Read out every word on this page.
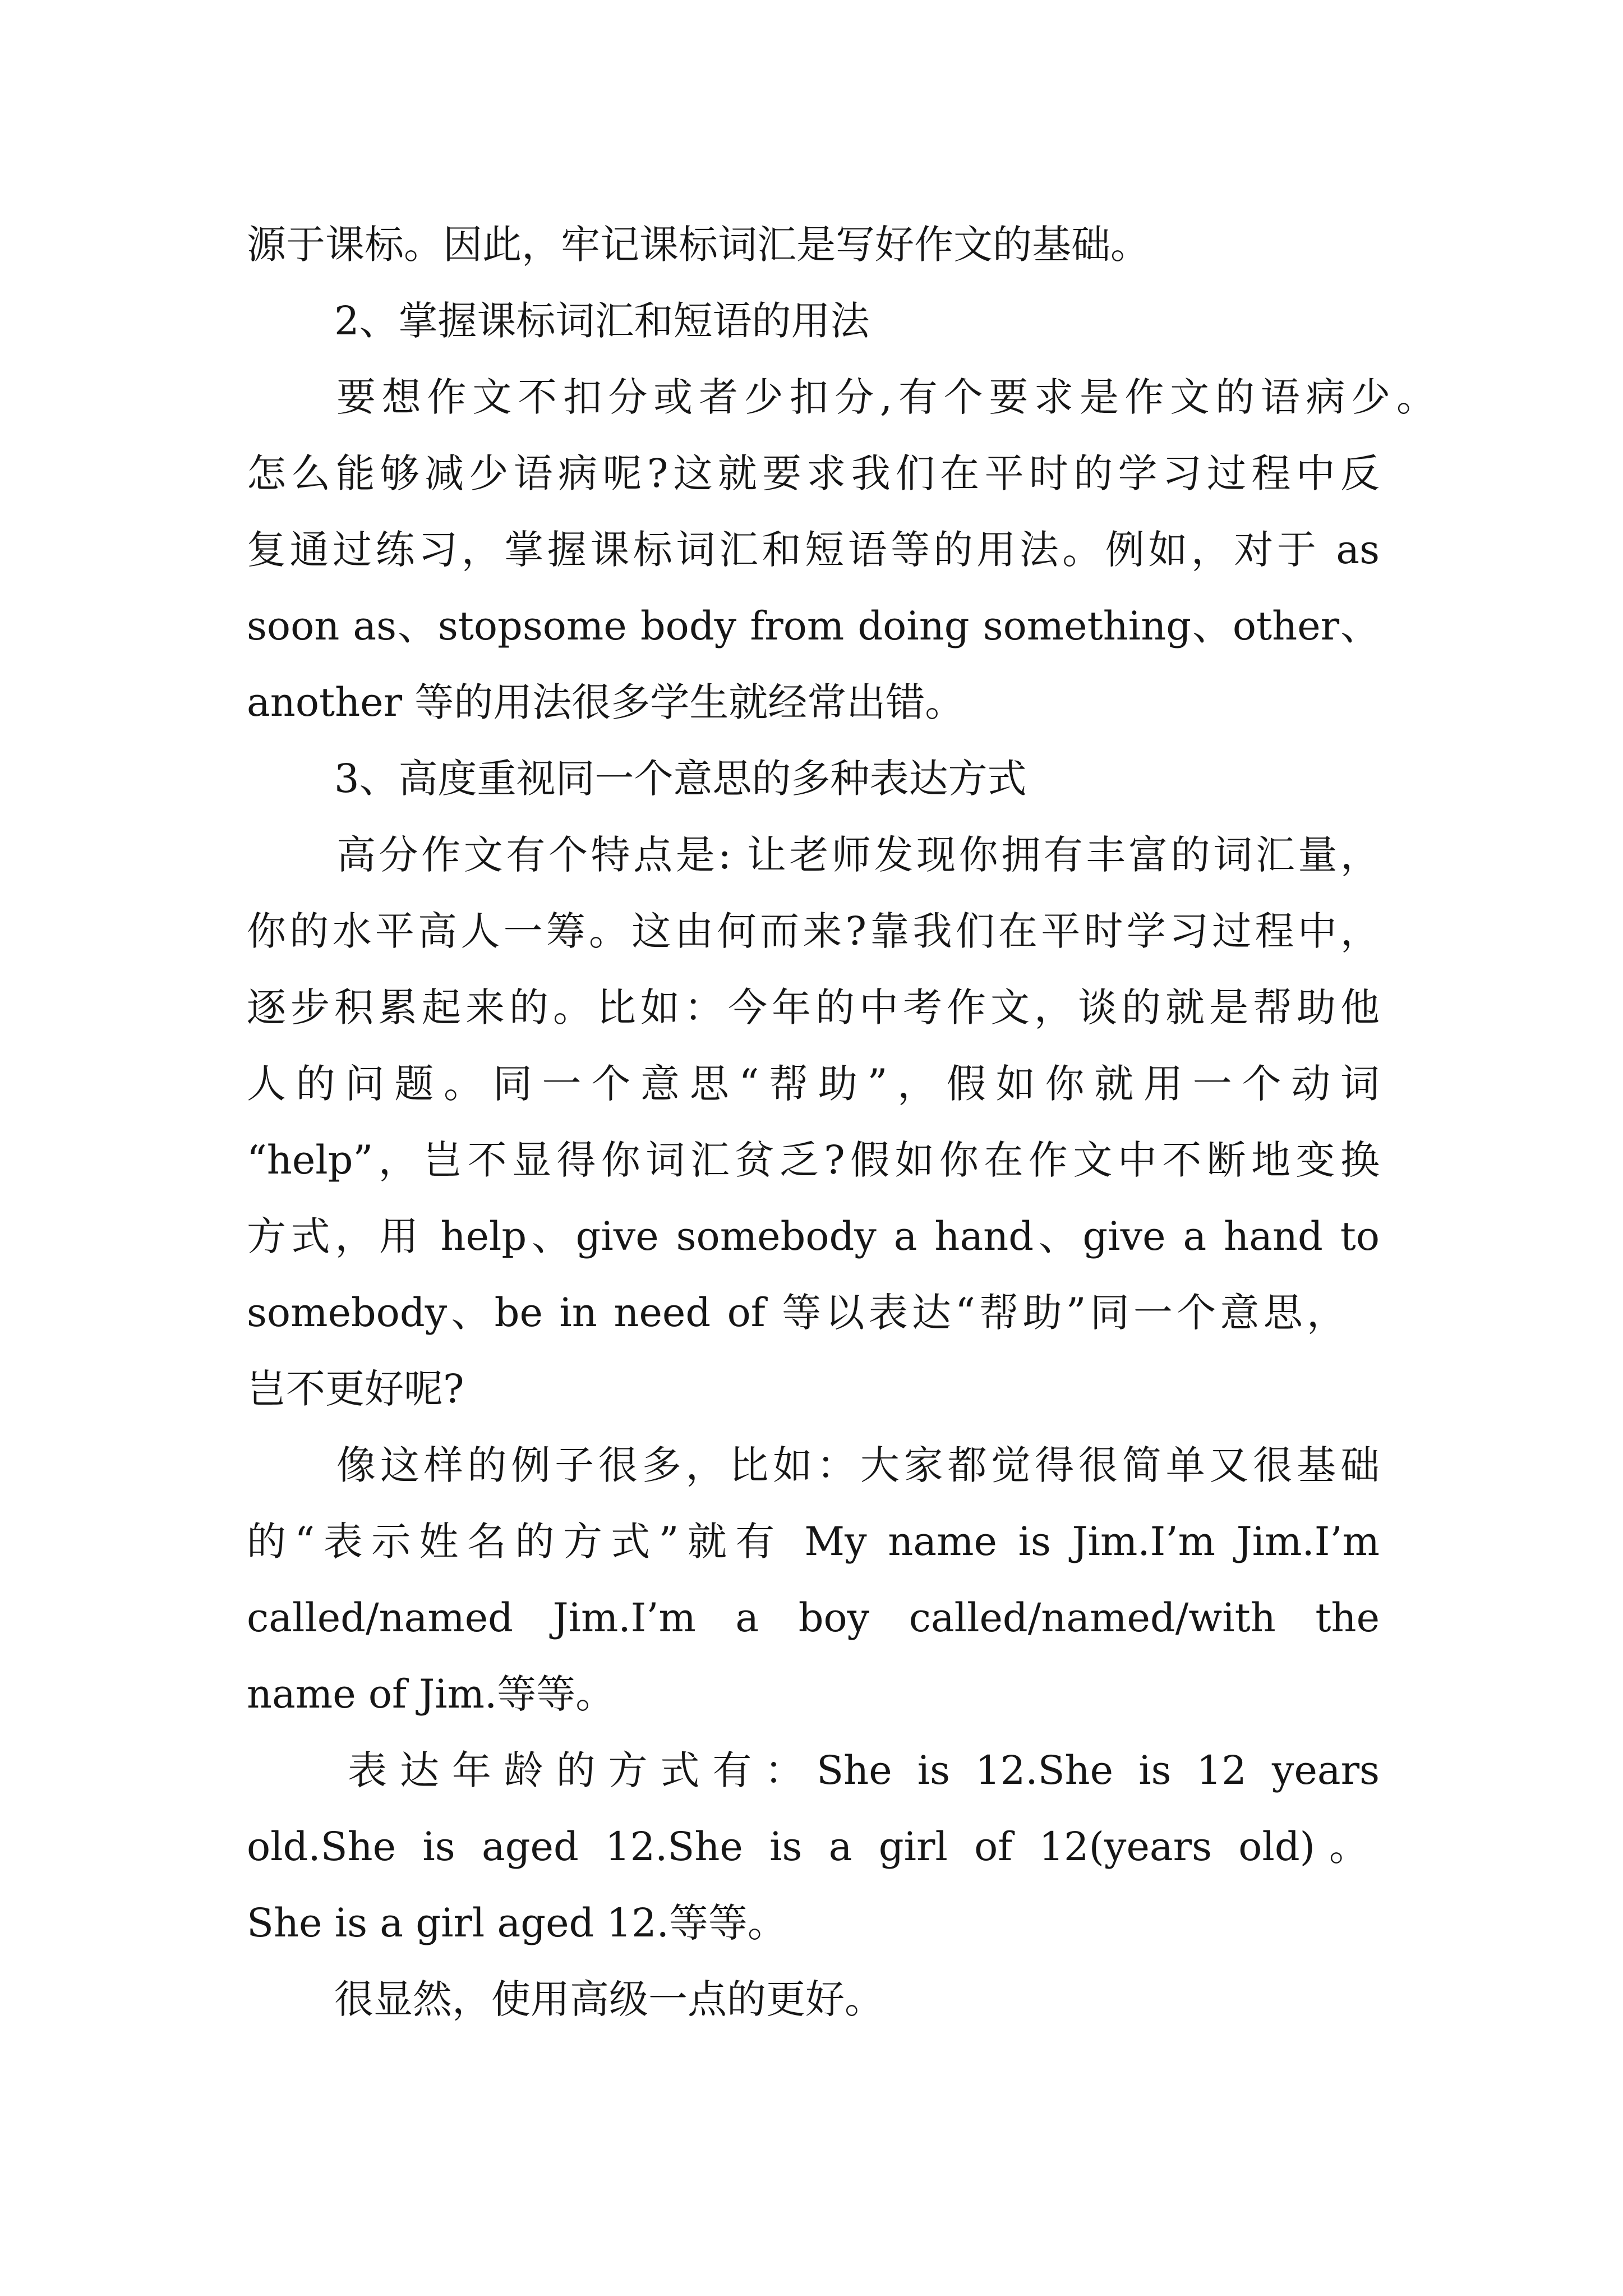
源于课标。因此，牢记课标词汇是写好作文的基础。

2、掌握课标词汇和短语的用法

要想作文不扣分或者少扣分,有个要求是作文的语病少。

怎么能够减少语病呢?这就要求我们在平时的学习过程中反

复通过练习，掌握课标词汇和短语等的用法。例如，对于 as

soon as、stopsome body from doing something、other、

another 等的用法很多学生就经常出错。

3、高度重视同一个意思的多种表达方式

高分作文有个特点是: 让老师发现你拥有丰富的词汇量，

你的水平高人一筹。这由何而来?靠我们在平时学习过程中，

逐步积累起来的。比如：今年的中考作文，谈的就是帮助他

人的问题。同一个意思“帮助”，假如你就用一个动词

“help”，岂不显得你词汇贫乏?假如你在作文中不断地变换

方式，用 help、give somebody a hand、give a hand to

somebody、be in need of 等以表达“帮助”同一个意思，

岂不更好呢?

像这样的例子很多，比如：大家都觉得很简单又很基础

的“表示姓名的方式”就有 My name is Jim.I’m Jim.I’m

called/named Jim.I’m a boy called/named/with the

name of Jim.等等。

表达年龄的方式有：She is 12.She is 12 years

old.She is aged 12.She is a girl of 12(years old)。

She is a girl aged 12.等等。

很显然，使用高级一点的更好。
